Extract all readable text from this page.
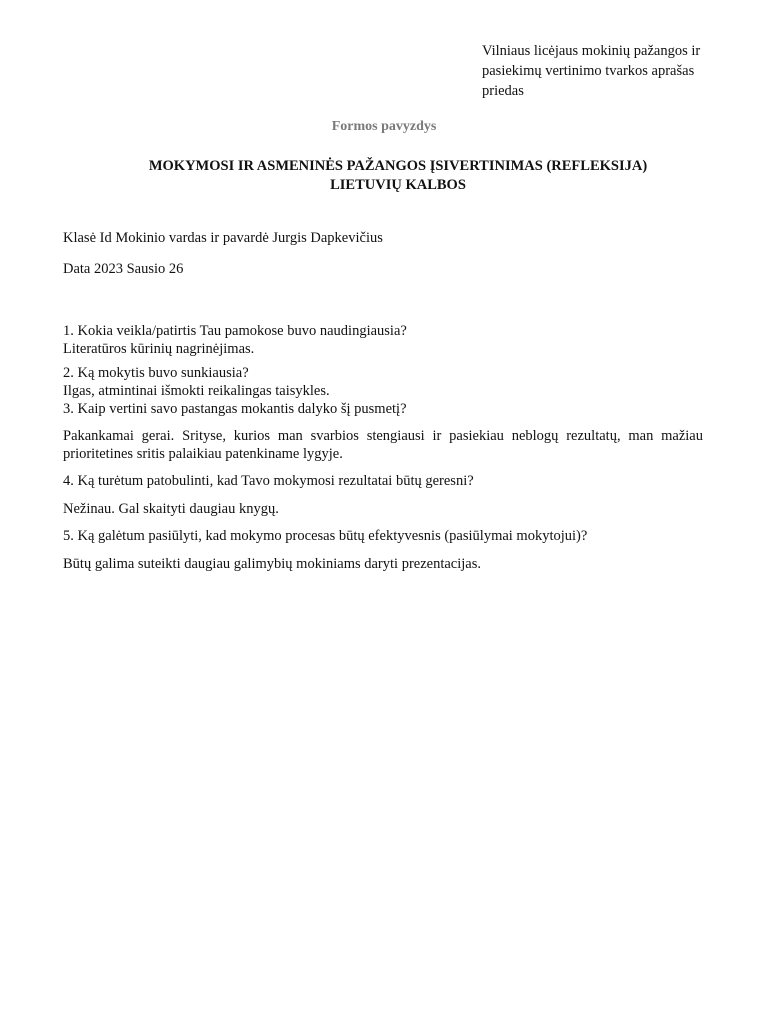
Vilniaus licėjaus mokinių pažangos ir
pasiekimų vertinimo tvarkos aprašas
priedas
Formos pavyzdys
MOKYMOSI IR ASMENINĖS PAŽANGOS ĮSIVERTINIMAS (REFLEKSIJA)
LIETUVIŲ KALBOS
Klasė Id Mokinio vardas ir pavardė Jurgis Dapkevičius
Data 2023 Sausio 26
1. Kokia veikla/patirtis Tau pamokose buvo naudingiausia?
Literatūros kūrinių nagrinėjimas.
2. Ką mokytis buvo sunkiausia?
Ilgas, atmintinai išmokti reikalingas taisykles.
3. Kaip vertini savo pastangas mokantis dalyko šį pusmetį?
Pakankamai gerai. Srityse, kurios man svarbios stengiausi ir pasiekiau neblogų rezultatų, man mažiau prioritetines sritis palaikiau patenkiname lygyje.
4. Ką turėtum patobulinti, kad Tavo mokymosi rezultatai būtų geresni?
Nežinau. Gal skaityti daugiau knygų.
5. Ką galėtum pasiūlyti, kad mokymo procesas būtų efektyvesnis (pasiūlymai mokytojui)?
Būtų galima suteikti daugiau galimybių mokiniams daryti prezentacijas.
